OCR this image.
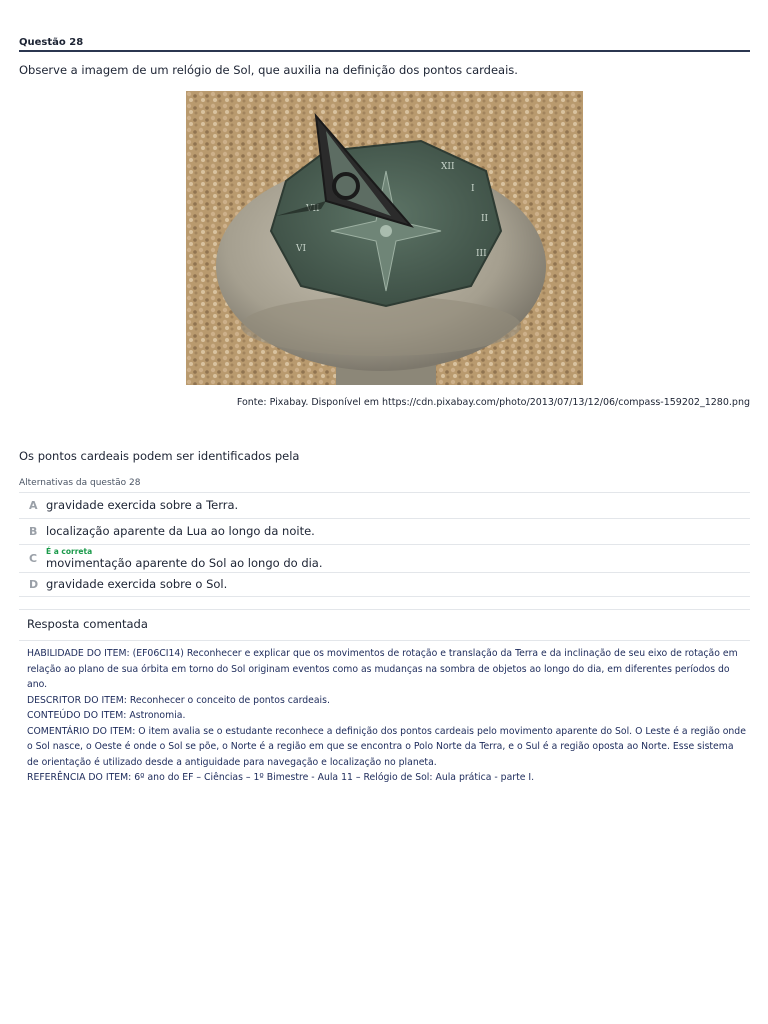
Questão 28
Observe a imagem de um relógio de Sol, que auxilia na definição dos pontos cardeais.
XII
I
II
III
VI
Fonte: Pixabay. Disponível em https://cdn.pixabay.com/photo/2013/07/13/12/06/compass-159202_1280.png
Os pontos cardeais podem ser identificados pela
Alternativas da questão 28
A gravidade exercida sobre a Terra.
B localização aparente da Lua ao longo da noite.
É a correta
C movimentação aparente do Sol ao longo do dia.
D gravidade exercida sobre o Sol.
Resposta comentada

HABILIDADE DO ITEM: (EF06CI14) Reconhecer e explicar que os movimentos de rotação e translação da Terra e da inclinação de seu eixo de rotação em relação ao plano de sua órbita em torno do Sol originam eventos como as mudanças na sombra de objetos ao longo do dia, em diferentes períodos do ano.

DESCRITOR DO ITEM: Reconhecer o conceito de pontos cardeais.

CONTEÚDO DO ITEM: Astronomia.

COMENTÁRIO DO ITEM: O item avalia se o estudante reconhece a definição dos pontos cardeais pelo movimento aparente do Sol. O Leste é a região onde o Sol nasce, o Oeste é onde o Sol se põe, o Norte é a região em que se encontra o Polo Norte da Terra, e o Sul é a região oposta ao Norte. Esse sistema de orientação é utilizado desde a antiguidade para navegação e localização no planeta.

REFERÊNCIA DO ITEM: 6º ano do EF – Ciências – 1º Bimestre - Aula 11 – Relógio de Sol: Aula prática - parte I.
